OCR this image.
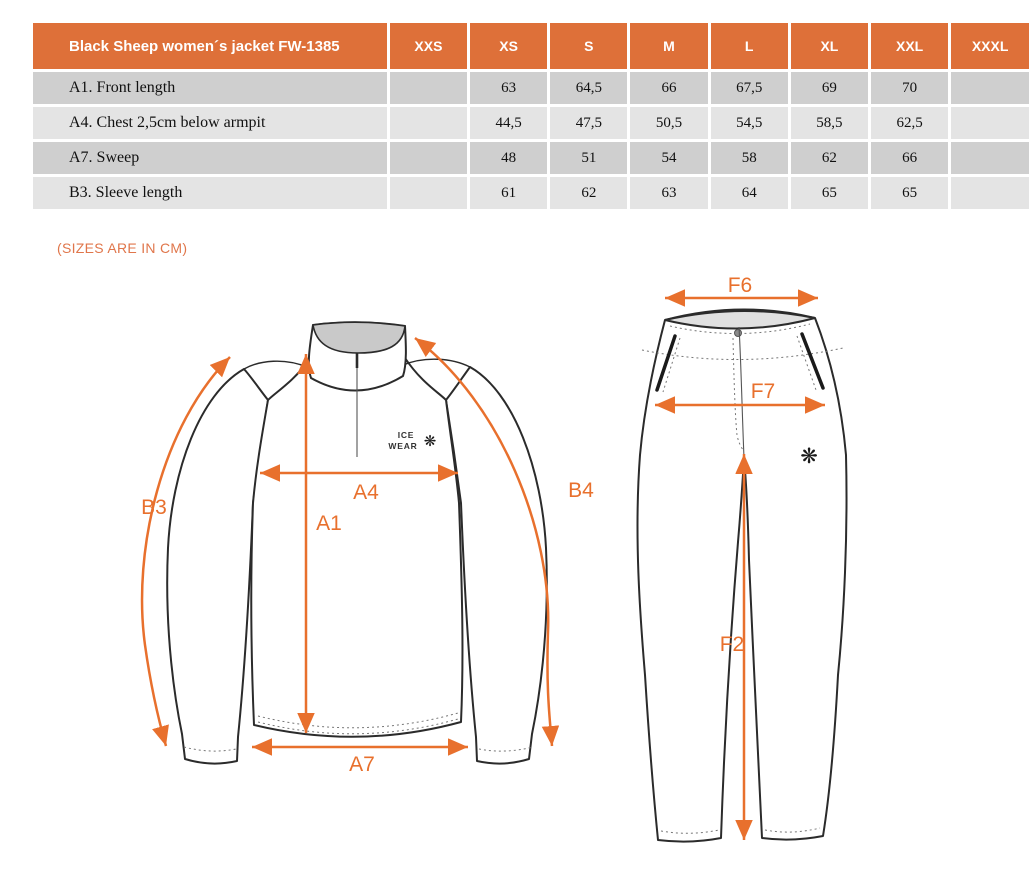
Black Sheep women´s jacket FW-1385	XXS	XS	S	M	L	XL	XXL	XXXL
A1. Front length		63	64,5	66	67,5	69	70	
A4. Chest 2,5cm below armpit		44,5	47,5	50,5	54,5	58,5	62,5	
A7. Sweep		48	51	54	58	62	66	
B3. Sleeve length		61	62	63	64	65	65	
(SIZES ARE IN CM)
ICE
WEAR ❋
A1
A4
A7
B3
B4
❋
F6
F7
F2
